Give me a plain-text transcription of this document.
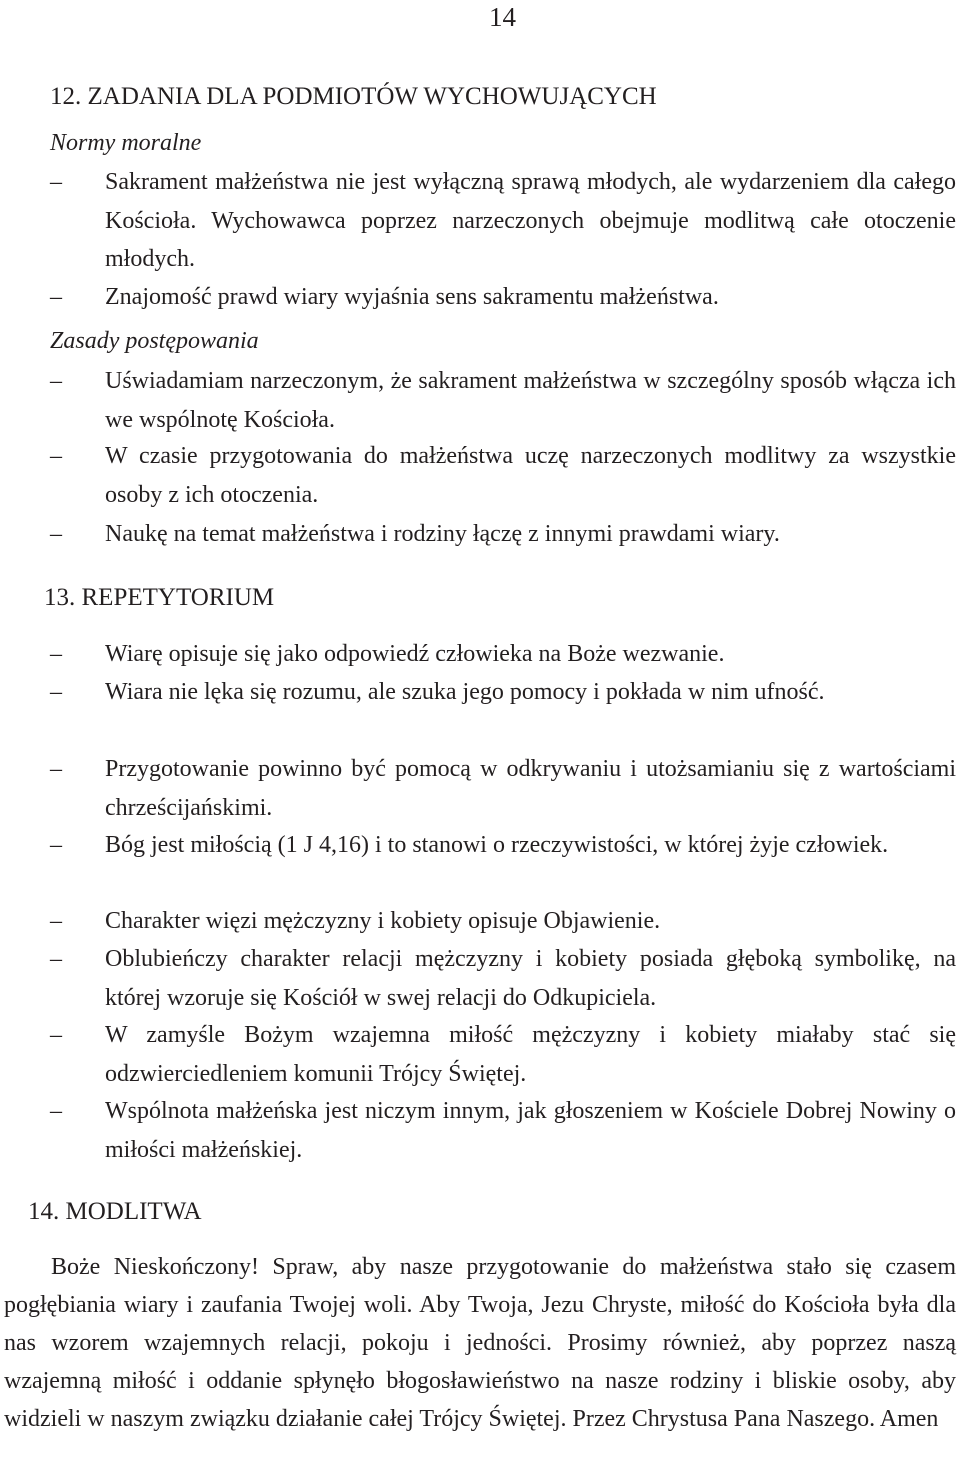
14
12. ZADANIA DLA PODMIOTÓW WYCHOWUJĄCYCH
Normy moralne
–	Sakrament małżeństwa nie jest wyłączną sprawą młodych, ale wydarzeniem dla całego Kościoła. Wychowawca poprzez narzeczonych obejmuje modlitwą całe otoczenie młodych.
–	Znajomość prawd wiary wyjaśnia sens sakramentu małżeństwa.
Zasady postępowania
–	Uświadamiam narzeczonym, że sakrament małżeństwa w szczególny sposób włącza ich we wspólnotę Kościoła.
–	W czasie przygotowania do małżeństwa uczę narzeczonych modlitwy za wszystkie osoby z ich otoczenia.
–	Naukę na temat małżeństwa i rodziny łączę z innymi prawdami wiary.
13. REPETYTORIUM
–	Wiarę opisuje się jako odpowiedź człowieka na Boże wezwanie.
–	Wiara nie lęka się rozumu, ale szuka jego pomocy i pokłada w nim ufność.
–	Przygotowanie powinno być pomocą w odkrywaniu i utożsamianiu się z wartościami chrześcijańskimi.
–	Bóg jest miłością (1 J 4,16) i to stanowi o rzeczywistości, w której żyje człowiek.
–	Charakter więzi mężczyzny i kobiety opisuje Objawienie.
–	Oblubieńczy charakter relacji mężczyzny i kobiety posiada głęboką symbolikę, na której wzoruje się Kościół w swej relacji do Odkupiciela.
–	W zamyśle Bożym wzajemna miłość mężczyzny i kobiety miałaby stać się odzwierciedleniem komunii Trójcy Świętej.
–	Wspólnota małżeńska jest niczym innym, jak głoszeniem w Kościele Dobrej Nowiny o miłości małżeńskiej.
14. MODLITWA
Boże Nieskończony! Spraw, aby nasze przygotowanie do małżeństwa stało się czasem pogłębiania wiary i zaufania Twojej woli. Aby Twoja, Jezu Chryste, miłość do Kościoła była dla nas wzorem wzajemnych relacji, pokoju i jedności. Prosimy również, aby poprzez naszą wzajemną miłość i oddanie spłynęło błogosławieństwo na nasze rodziny i bliskie osoby, aby widzieli w naszym związku działanie całej Trójcy Świętej. Przez Chrystusa Pana Naszego. Amen
